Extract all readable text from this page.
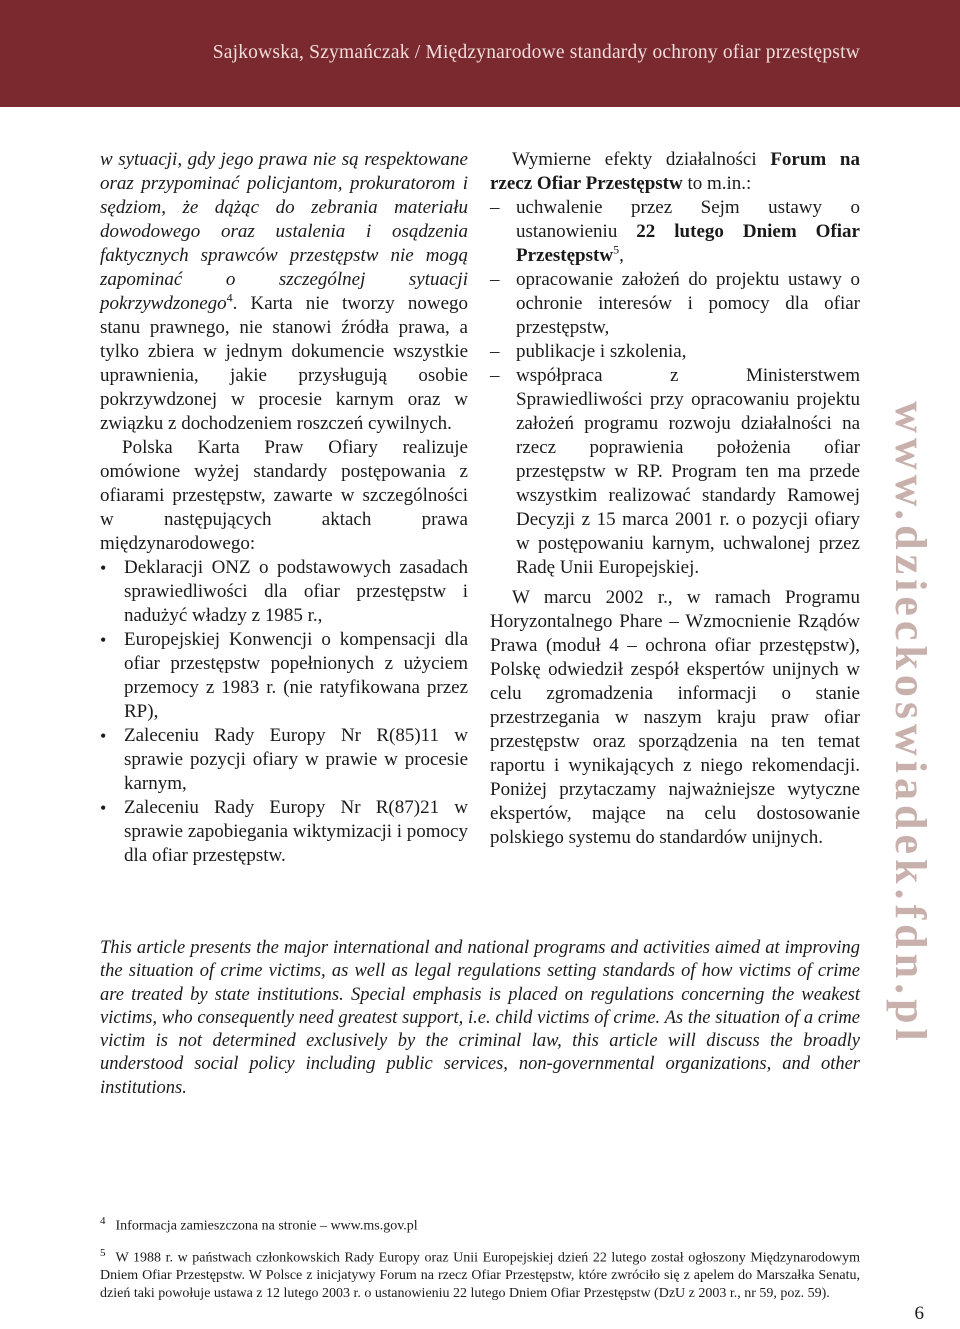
Sajkowska, Szymańczak / Międzynarodowe standardy ochrony ofiar przestępstw

w sytuacji, gdy jego prawa nie są respektowane oraz przypominać policjantom, prokuratorom i sędziom, że dążąc do zebrania materiału dowodowego oraz ustalenia i osądzenia faktycznych sprawców przestępstw nie mogą zapominać o szczególnej sytuacji pokrzywdzonego$^4$. Karta nie tworzy nowego stanu prawnego, nie stanowi źródła prawa, a tylko zbiera w jednym dokumencie wszystkie uprawnienia, jakie przysługują osobie pokrzywdzonej w procesie karnym oraz w związku z dochodzeniem roszczeń cywilnych.

Polska Karta Praw Ofiary realizuje omówione wyżej standardy postępowania z ofiarami przestępstw, zawarte w szczególności w następujących aktach prawa międzynarodowego:

• Deklaracji ONZ o podstawowych zasadach sprawiedliwości dla ofiar przestępstw i nadużyć władzy z 1985 r.,
• Europejskiej Konwencji o kompensacji dla ofiar przestępstw popełnionych z użyciem przemocy z 1983 r. (nie ratyfikowana przez RP),
• Zaleceniu Rady Europy Nr R(85)11 w sprawie pozycji ofiary w prawie w procesie karnym,
• Zaleceniu Rady Europy Nr R(87)21 w sprawie zapobiegania wiktymizacji i pomocy dla ofiar przestępstw.

Wymierne efekty działalności Forum na rzecz Ofiar Przestępstw to m.in.:

– uchwalenie przez Sejm ustawy o ustanowieniu 22 lutego Dniem Ofiar Przestępstw$^5$,
– opracowanie założeń do projektu ustawy o ochronie interesów i pomocy dla ofiar przestępstw,
– publikacje i szkolenia,
– współpraca z Ministerstwem Sprawiedliwości przy opracowaniu projektu założeń programu rozwoju działalności na rzecz poprawienia położenia ofiar przestępstw w RP. Program ten ma przede wszystkim realizować standardy Ramowej Decyzji z 15 marca 2001 r. o pozycji ofiary w postępowaniu karnym, uchwalonej przez Radę Unii Europejskiej.

W marcu 2002 r., w ramach Programu Horyzontalnego Phare – Wzmocnienie Rządów Prawa (moduł 4 – ochrona ofiar przestępstw), Polskę odwiedził zespół ekspertów unijnych w celu zgromadzenia informacji o stanie przestrzegania w naszym kraju praw ofiar przestępstw oraz sporządzenia na ten temat raportu i wynikających z niego rekomendacji. Poniżej przytaczamy najważniejsze wytyczne ekspertów, mające na celu dostosowanie polskiego systemu do standardów unijnych.	www.dzieckoswiadek.fdn.pl

This article presents the major international and national programs and activities aimed at improving the situation of crime victims, as well as legal regulations setting standards of how victims of crime are treated by state institutions. Special emphasis is placed on regulations concerning the weakest victims, who consequently need greatest support, i.e. child victims of crime. As the situation of a crime victim is not determined exclusively by the criminal law, this article will discuss the broadly understood social policy including public services, non-governmental organizations, and other institutions.

$^4$ Informacja zamieszczona na stronie – www.ms.gov.pl

$^5$ W 1988 r. w państwach członkowskich Rady Europy oraz Unii Europejskiej dzień 22 lutego został ogłoszony Międzynarodowym Dniem Ofiar Przestępstw. W Polsce z inicjatywy Forum na rzecz Ofiar Przestępstw, które zwróciło się z apelem do Marszałka Senatu, dzień taki powołuje ustawa z 12 lutego 2003 r. o ustanowieniu 22 lutego Dniem Ofiar Przestępstw (DzU z 2003 r., nr 59, poz. 59).

6
